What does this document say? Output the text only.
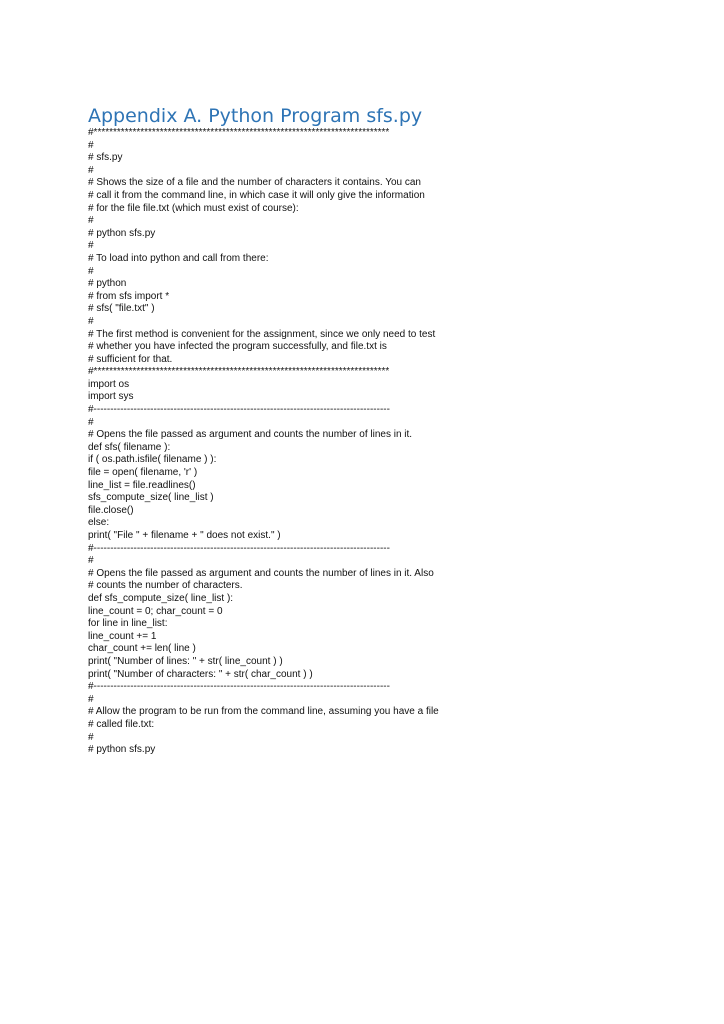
Appendix A. Python Program sfs.py
#****************************************************************************
#
# sfs.py
#
# Shows the size of a file and the number of characters it contains. You can
# call it from the command line, in which case it will only give the information
# for the file file.txt (which must exist of course):
#
# python sfs.py
#
# To load into python and call from there:
#
# python
# from sfs import *
# sfs( "file.txt" )
#
# The first method is convenient for the assignment, since we only need to test
# whether you have infected the program successfully, and file.txt is
# sufficient for that.
#****************************************************************************
import os
import sys
#-----------------------------------------------------------------------------------------
#
# Opens the file passed as argument and counts the number of lines in it.
def sfs( filename ):
if ( os.path.isfile( filename ) ):
file = open( filename, 'r' )
line_list = file.readlines()
sfs_compute_size( line_list )
file.close()
else:
print( "File " + filename + " does not exist." )
#-----------------------------------------------------------------------------------------
#
# Opens the file passed as argument and counts the number of lines in it. Also
# counts the number of characters.
def sfs_compute_size( line_list ):
line_count = 0; char_count = 0
for line in line_list:
line_count += 1
char_count += len( line )
print( "Number of lines: " + str( line_count ) )
print( "Number of characters: " + str( char_count ) )
#-----------------------------------------------------------------------------------------
#
# Allow the program to be run from the command line, assuming you have a file
# called file.txt:
#
# python sfs.py
